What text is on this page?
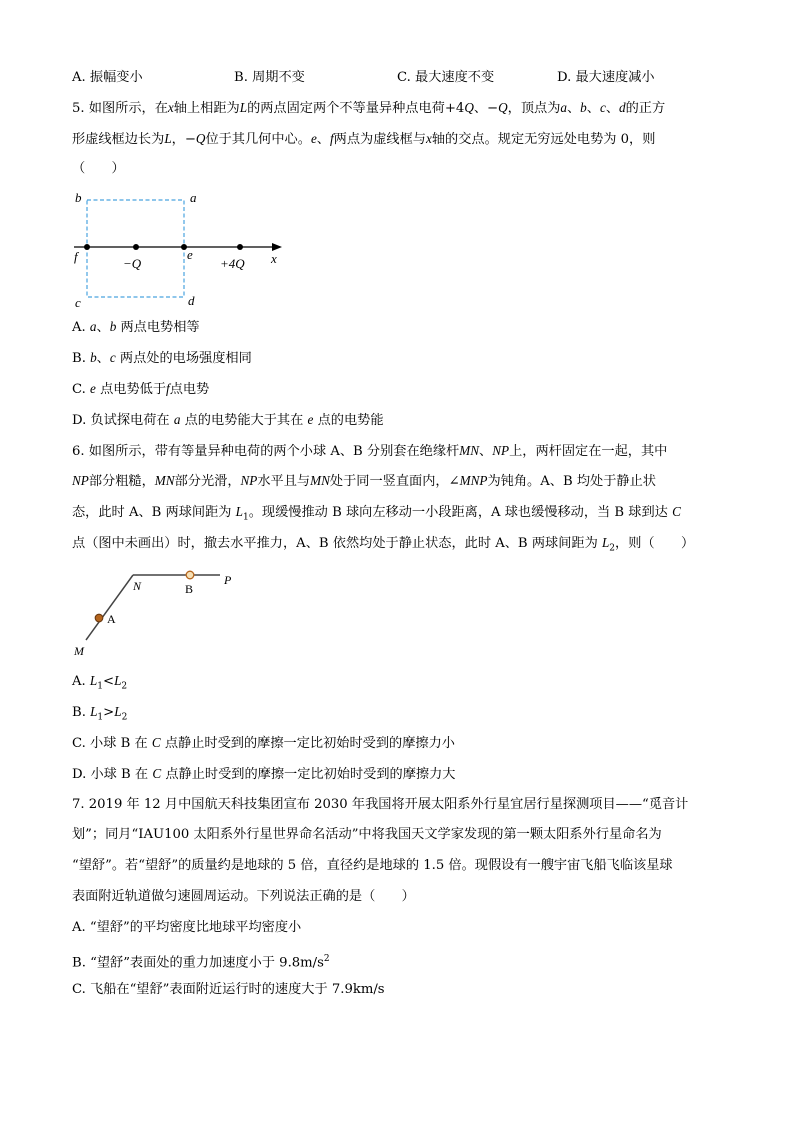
A. 振幅变小	B. 周期不变	C. 最大速度不变	D. 最大速度减小
5. 如图所示，在x轴上相距为L的两点固定两个不等量异种点电荷+4Q、−Q，顶点为a、b、c、d的正方
形虚线框边长为L，−Q位于其几何中心。e、f两点为虚线框与x轴的交点。规定无穷远处电势为 0，则
（　　）
b	a
f	−Q
e
+4Q x
c	d
A. a、b 两点电势相等
B. b、c 两点处的电场强度相同
C. e 点电势低于f点电势
D. 负试探电荷在 a 点的电势能大于其在 e 点的电势能
6. 如图所示，带有等量异种电荷的两个小球 A、B 分别套在绝缘杆MN、NP上，两杆固定在一起，其中
NP部分粗糙，MN部分光滑，NP水平且与MN处于同一竖直面内，∠MNP为钝角。A、B 均处于静止状
态，此时 A、B 两球间距为 $L_1$。现缓慢推动 B 球向左移动一小段距离，A 球也缓慢移动，当 B 球到达 C
点（图中未画出）时，撤去水平推力，A、B 依然均处于静止状态，此时 A、B 两球间距为 $L_2$，则（　　）
N	B
P
A
M
A. $L_1<L_2$
B. $L_1>L_2$
C. 小球 B 在 C 点静止时受到的摩擦一定比初始时受到的摩擦力小
D. 小球 B 在 C 点静止时受到的摩擦一定比初始时受到的摩擦力大
7. 2019 年 12 月中国航天科技集团宣布 2030 年我国将开展太阳系外行星宜居行星探测项目——“觅音计
划”；同月“IAU100 太阳系外行星世界命名活动”中将我国天文学家发现的第一颗太阳系外行星命名为
“望舒”。若“望舒”的质量约是地球的 5 倍，直径约是地球的 1.5 倍。现假设有一艘宇宙飞船飞临该星球
表面附近轨道做匀速圆周运动。下列说法正确的是（　　）
A. “望舒”的平均密度比地球平均密度小
B. “望舒”表面处的重力加速度小于 $9.8m/s^2$
C. 飞船在“望舒”表面附近运行时的速度大于 7.9km/s
